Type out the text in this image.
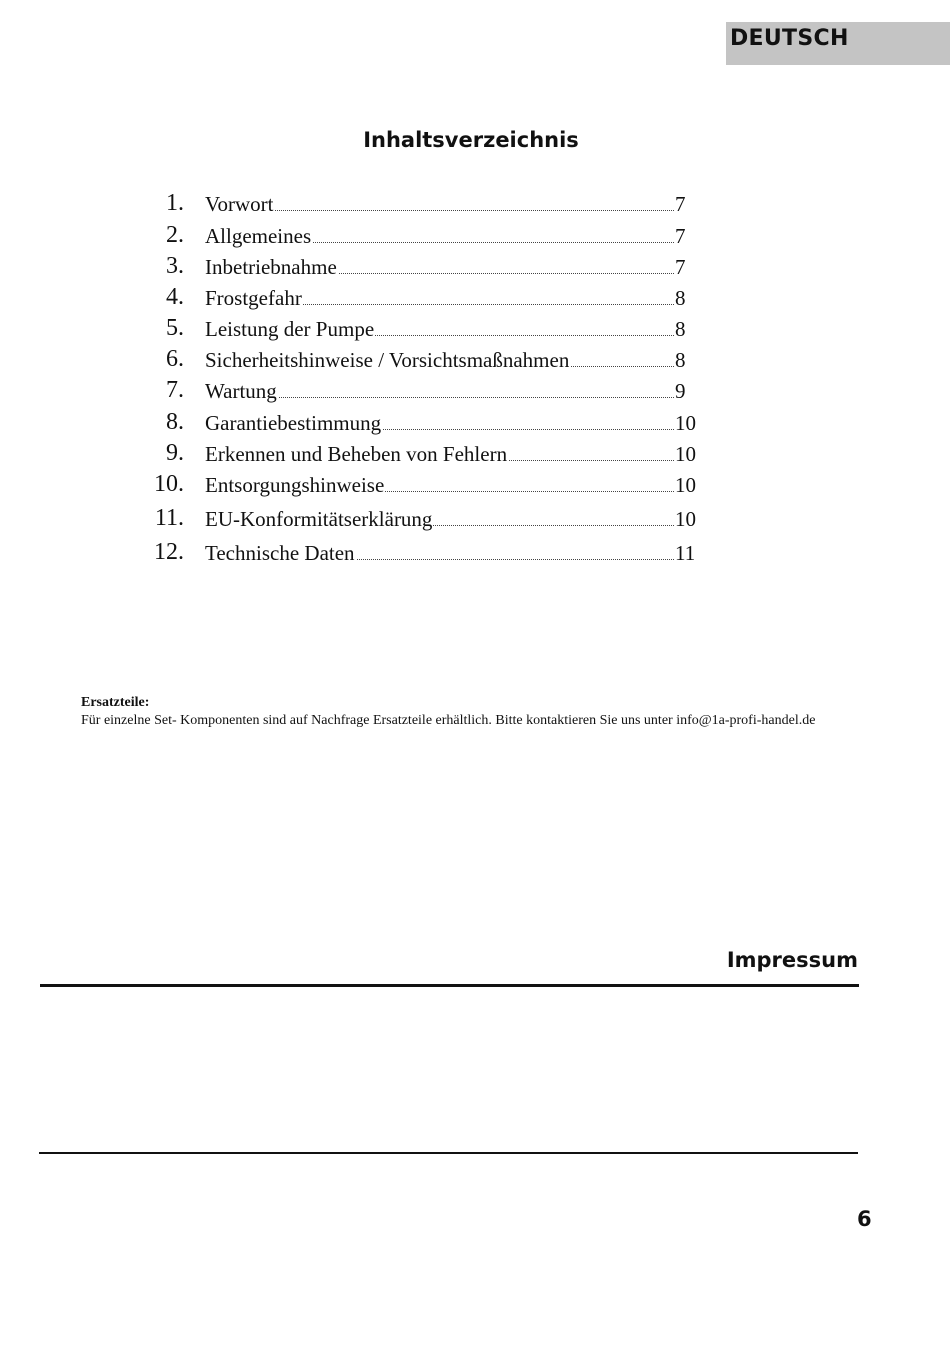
DEUTSCH
Inhaltsverzeichnis
1. Vorwort	7
2. Allgemeines	7
3. Inbetriebnahme	7
4. Frostgefahr	8
5. Leistung der Pumpe	8
6. Sicherheitshinweise / Vorsichtsmaßnahmen	8
7. Wartung	9
8. Garantiebestimmung	10
9. Erkennen und Beheben von Fehlern	10
10. Entsorgungshinweise	10
11. EU-Konformitätserklärung	10
12. Technische Daten	11
Ersatzteile:
Für einzelne Set- Komponenten sind auf Nachfrage Ersatzteile erhältlich. Bitte kontaktieren Sie uns unter info@1a-profi-handel.de
Impressum
6
